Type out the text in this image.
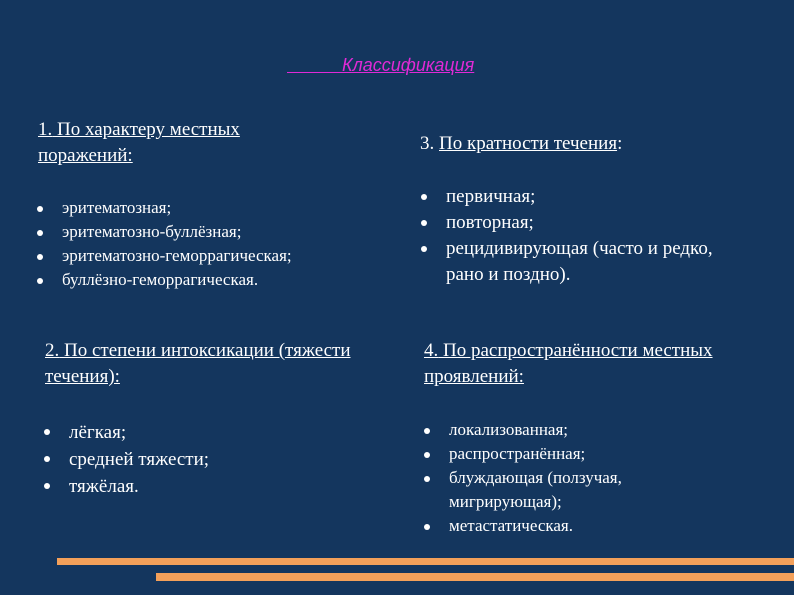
Классификация
1. По характеру местных поражений:
эритематозная;
эритематозно-буллёзная;
эритематозно-геморрагическая;
буллёзно-геморрагическая.
2. По степени интоксикации (тяжести течения):
лёгкая;
средней тяжести;
тяжёлая.
3. По кратности течения:
первичная;
повторная;
рецидивирующая (часто и редко, рано и поздно).
4. По распространённости местных проявлений:
локализованная;
распространённая;
блуждающая (ползучая, мигрирующая);
метастатическая.
